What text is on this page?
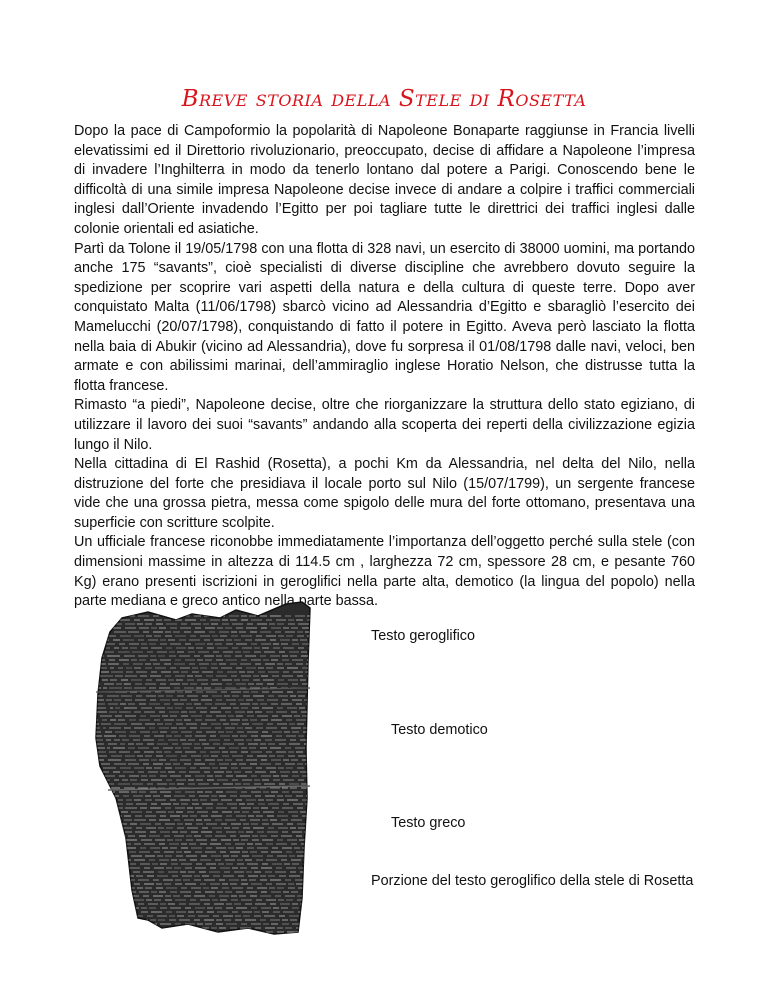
Breve storia della Stele di Rosetta

Dopo la pace di Campoformio la popolarità di Napoleone Bonaparte raggiunse in Francia livelli elevatissimi ed il Direttorio rivoluzionario, preoccupato, decise di affidare a Napoleone l’impresa di invadere l’Inghilterra in modo da tenerlo lontano dal potere a Parigi. Conoscendo bene le difficoltà di una simile impresa Napoleone decise invece di andare a colpire i traffici commerciali inglesi dall’Oriente invadendo l’Egitto per poi tagliare tutte le direttrici dei traffici inglesi dalle colonie orientali ed asiatiche.

Partì da Tolone il 19/05/1798 con una flotta di 328 navi, un esercito di 38000 uomini, ma portando anche 175 “savants”, cioè specialisti di diverse discipline che avrebbero dovuto seguire la spedizione per scoprire vari aspetti della natura e della cultura di queste terre. Dopo aver conquistato Malta (11/06/1798) sbarcò vicino ad Alessandria d’Egitto e sbaragliò l’esercito dei Mamelucchi (20/07/1798), conquistando di fatto il potere in Egitto. Aveva però lasciato la flotta nella baia di Abukir (vicino ad Alessandria), dove fu sorpresa il 01/08/1798 dalle navi, veloci, ben armate e con abilissimi marinai, dell’ammiraglio inglese Horatio Nelson, che distrusse tutta la flotta francese.

Rimasto “a piedi”, Napoleone decise, oltre che riorganizzare la struttura dello stato egiziano, di utilizzare il lavoro dei suoi “savants” andando alla scoperta dei reperti della civilizzazione egizia lungo il Nilo.

Nella cittadina di El Rashid (Rosetta), a pochi Km da Alessandria, nel delta del Nilo, nella distruzione del forte che presidiava il locale porto sul Nilo (15/07/1799), un sergente francese vide che una grossa pietra, messa come spigolo delle mura del forte ottomano, presentava una superficie con scritture scolpite.

Un ufficiale francese riconobbe immediatamente l’importanza dell’oggetto perché sulla stele (con dimensioni massime in altezza di 114.5 cm , larghezza 72 cm, spessore 28 cm, e pesante 760 Kg) erano presenti iscrizioni in geroglifici nella parte alta, demotico (la lingua del popolo) nella parte mediana e greco antico nella parte bassa.

Testo geroglifico
Testo demotico
Testo greco
Porzione del testo geroglifico della stele di Rosetta
